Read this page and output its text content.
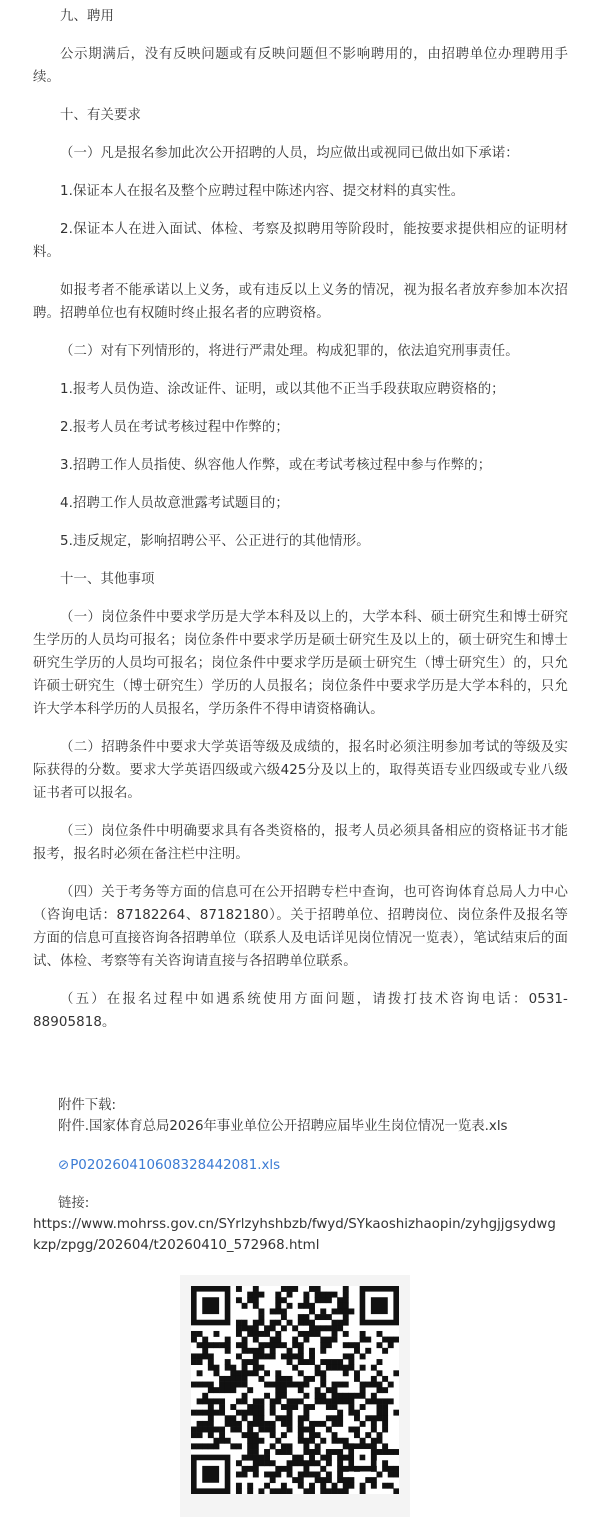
九、聘用

公示期满后，没有反映问题或有反映问题但不影响聘用的，由招聘单位办理聘用手续。

十、有关要求

（一）凡是报名参加此次公开招聘的人员，均应做出或视同已做出如下承诺：

1.保证本人在报名及整个应聘过程中陈述内容、提交材料的真实性。

2.保证本人在进入面试、体检、考察及拟聘用等阶段时，能按要求提供相应的证明材料。

如报考者不能承诺以上义务，或有违反以上义务的情况，视为报名者放弃参加本次招聘。招聘单位也有权随时终止报名者的应聘资格。

（二）对有下列情形的，将进行严肃处理。构成犯罪的，依法追究刑事责任。

1.报考人员伪造、涂改证件、证明，或以其他不正当手段获取应聘资格的；

2.报考人员在考试考核过程中作弊的；

3.招聘工作人员指使、纵容他人作弊，或在考试考核过程中参与作弊的；

4.招聘工作人员故意泄露考试题目的；

5.违反规定，影响招聘公平、公正进行的其他情形。

十一、其他事项

（一）岗位条件中要求学历是大学本科及以上的，大学本科、硕士研究生和博士研究生学历的人员均可报名；岗位条件中要求学历是硕士研究生及以上的，硕士研究生和博士研究生学历的人员均可报名；岗位条件中要求学历是硕士研究生（博士研究生）的，只允许硕士研究生（博士研究生）学历的人员报名；岗位条件中要求学历是大学本科的，只允许大学本科学历的人员报名，学历条件不得申请资格确认。

（二）招聘条件中要求大学英语等级及成绩的，报名时必须注明参加考试的等级及实际获得的分数。要求大学英语四级或六级425分及以上的，取得英语专业四级或专业八级证书者可以报名。

（三）岗位条件中明确要求具有各类资格的，报考人员必须具备相应的资格证书才能报考，报名时必须在备注栏中注明。

（四）关于考务等方面的信息可在公开招聘专栏中查询，也可咨询体育总局人力中心（咨询电话：87182264、87182180）。关于招聘单位、招聘岗位、岗位条件及报名等方面的信息可直接咨询各招聘单位（联系人及电话详见岗位情况一览表），笔试结束后的面试、体检、考察等有关咨询请直接与各招聘单位联系。

（五）在报名过程中如遇系统使用方面问题，请拨打技术咨询电话：0531-88905818。

附件下载:
附件.国家体育总局2026年事业单位公开招聘应届毕业生岗位情况一览表.xls
⊘P020260410608328442081.xls
链接:
https://www.mohrss.gov.cn/SYrlzyhshbzb/fwyd/SYkaoshizhaopin/zyhgjjgsydwgkzp/zpgg/202604/t20260410_572968.html
